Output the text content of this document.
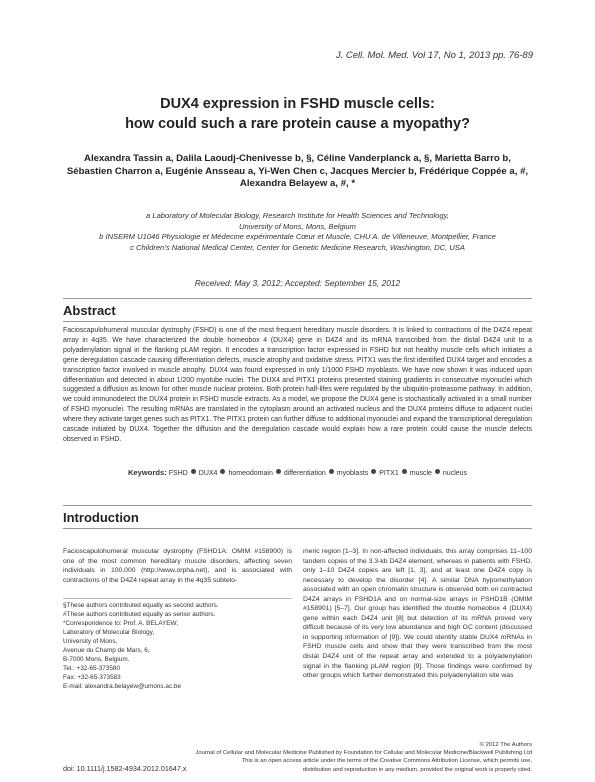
J. Cell. Mol. Med. Vol 17, No 1, 2013 pp. 76-89
DUX4 expression in FSHD muscle cells:
how could such a rare protein cause a myopathy?
Alexandra Tassin a, Dalila Laoudj-Chenivesse b, §, Céline Vanderplanck a, §, Marietta Barro b,
Sébastien Charron a, Eugénie Ansseau a, Yi-Wen Chen c, Jacques Mercier b, Frédérique Coppée a, #,
Alexandra Belayew a, #, *
a Laboratory of Molecular Biology, Research Institute for Health Sciences and Technology,
University of Mons, Mons, Belgium
b INSERM U1046 Physiologie et Médecine expérimentale Cœur et Muscle, CHU A. de Villeneuve, Montpellier, France
c Children’s National Medical Center, Center for Genetic Medicine Research, Washington, DC, USA
Received: May 3, 2012; Accepted: September 15, 2012
Abstract
Facioscapulohumeral muscular dystrophy (FSHD) is one of the most frequent hereditary muscle disorders. It is linked to contractions of the D4Z4 repeat array in 4q35. We have characterized the double homeobox 4 (DUX4) gene in D4Z4 and its mRNA transcribed from the distal D4Z4 unit to a polyadenylation signal in the flanking pLAM region. It encodes a transcription factor expressed in FSHD but not healthy muscle cells which initiates a gene deregulation cascade causing differentiation defects, muscle atrophy and oxidative stress. PITX1 was the first identified DUX4 target and encodes a transcription factor involved in muscle atrophy. DUX4 was found expressed in only 1/1000 FSHD myoblasts. We have now shown it was induced upon differentiation and detected in about 1/200 myotube nuclei. The DUX4 and PITX1 proteins presented staining gradients in consecutive myonuclei which suggested a diffusion as known for other muscle nuclear proteins. Both protein half-lifes were regulated by the ubiquitin-proteasome pathway. In addition, we could immunodetect the DUX4 protein in FSHD muscle extracts. As a model, we propose the DUX4 gene is stochastically activated in a small number of FSHD myonuclei. The resulting mRNAs are translated in the cytoplasm around an activated nucleus and the DUX4 proteins diffuse to adjacent nuclei where they activate target genes such as PITX1. The PITX1 protein can further diffuse to additional myonuclei and expand the transcriptional deregulation cascade initiated by DUX4. Together the diffusion and the deregulation cascade would explain how a rare protein could cause the muscle defects observed in FSHD.
Keywords: FSHD DUX4 homeodomain differentiation myoblasts PITX1 muscle nucleus
Introduction
Facioscapulohumeral muscular dystrophy (FSHD1A: OMIM #158900) is one of the most common hereditary muscle disorders, affecting seven individuals in 100,000 (http://www.orpha.net), and is associated with contractions of the D4Z4 repeat array in the 4q35 subtelo-
§These authors contributed equally as second authors.
#These authors contributed equally as senior authors.
*Correspondence to: Prof. A. BELAYEW,
Laboratory of Molecular Biology,
University of Mons,
Avenue du Champ de Mars, 6,
B-7000 Mons, Belgium.
Tel.: +32-65-373580
Fax: +32-65-373583
E-mail: alexandra.belayew@umons.ac.be
meric region [1–3]. In non-affected individuals, this array comprises 11–100 tandem copies of the 3.3-kb D4Z4 element, whereas in patients with FSHD, only 1–10 D4Z4 copies are left [1, 3], and at least one D4Z4 copy is necessary to develop the disorder [4]. A similar DNA hypomethylation associated with an open chromatin structure is observed both on contracted D4Z4 arrays in FSHD1A and on normal-size arrays in FSHD1B (OMIM #158901) [5–7]. Our group has identified the double homeobox 4 (DUX4) gene within each D4Z4 unit [8] but detection of its mRNA proved very difficult because of its very low abundance and high GC content (discussed in supporting information of [9]). We could identify stable DUX4 mRNAs in FSHD muscle cells and show that they were transcribed from the most distal D4Z4 unit of the repeat array and extended to a polyadenylation signal in the flanking pLAM region [9]. Those findings were confirmed by other groups which further demonstrated this polyadenylation site was
doi: 10.1111/j.1582-4934.2012.01647.x
© 2012 The Authors
Journal of Cellular and Molecular Medicine Published by Foundation for Cellular and Molecular Medicine/Blackwell Publishing Ltd
This is an open access article under the terms of the Creative Commons Attribution License, which permits use,
distribution and reproduction in any medium, provided the original work is properly cited.
